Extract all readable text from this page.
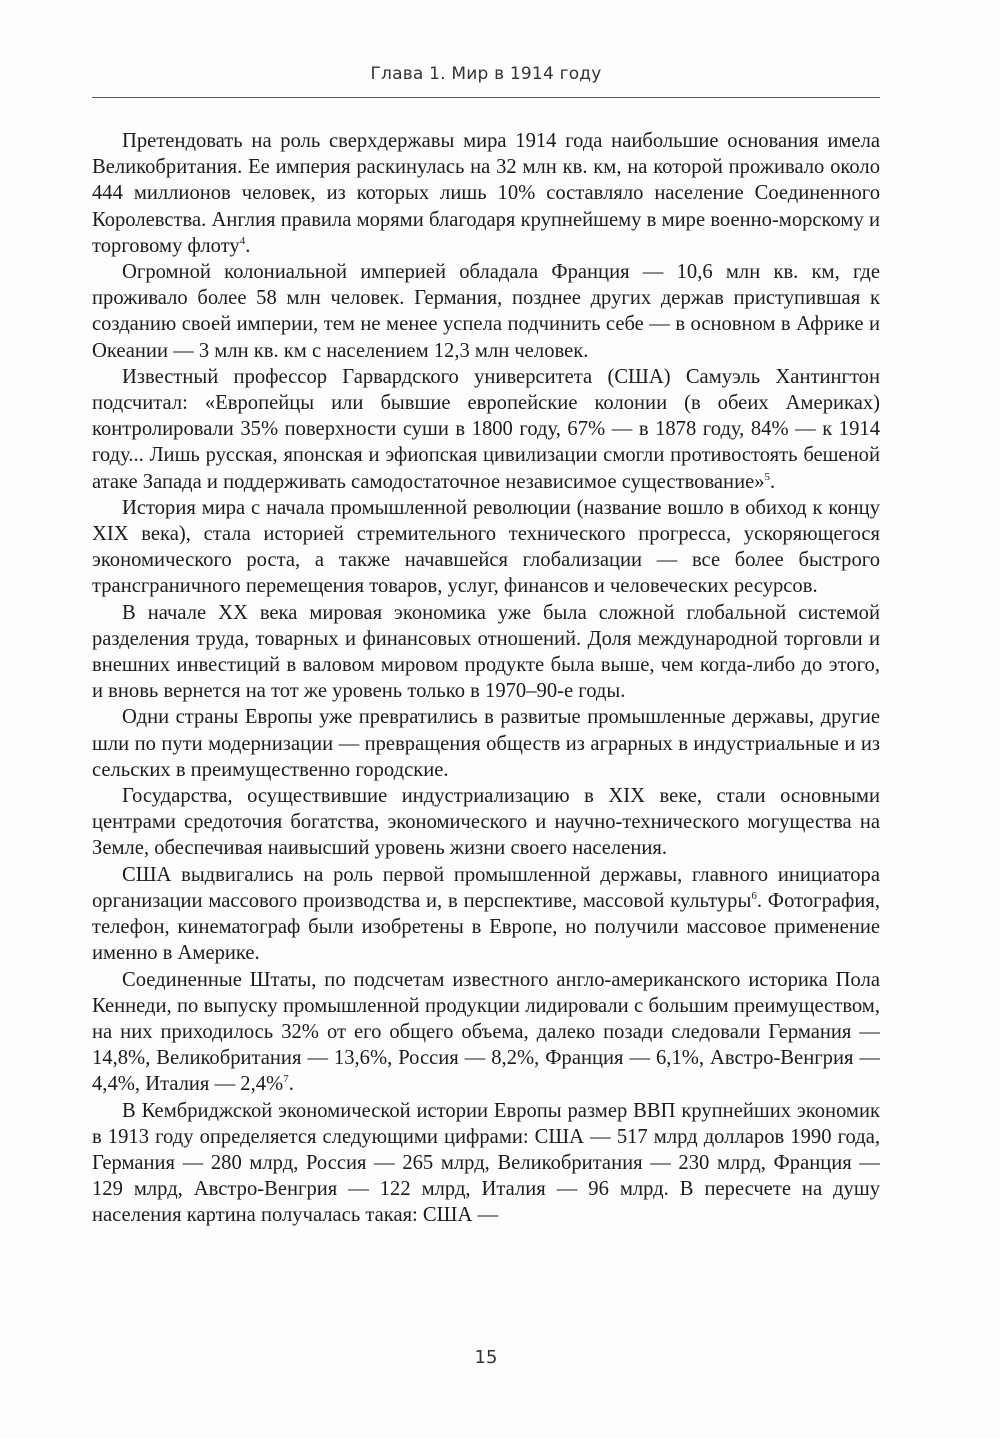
Глава 1. Мир в 1914 году

Претендовать на роль сверхдержавы мира 1914 года наибольшие основания имела Великобритания. Ее империя раскинулась на 32 млн кв. км, на которой проживало около 444 миллионов человек, из которых лишь 10% составляло население Соединенного Королевства. Англия правила морями благодаря крупнейшему в мире военно-морскому и торговому флоту$^4$.

Огромной колониальной империей обладала Франция — 10,6 млн кв. км, где проживало более 58 млн человек. Германия, позднее других держав приступившая к созданию своей империи, тем не менее успела подчинить себе — в основном в Африке и Океании — 3 млн кв. км с населением 12,3 млн человек.

Известный профессор Гарвардского университета (США) Самуэль Хантингтон подсчитал: «Европейцы или бывшие европейские колонии (в обеих Америках) контролировали 35% поверхности суши в 1800 году, 67% — в 1878 году, 84% — к 1914 году... Лишь русская, японская и эфиопская цивилизации смогли противостоять бешеной атаке Запада и поддерживать самодостаточное независимое существование»$^5$.

История мира с начала промышленной революции (название вошло в обиход к концу XIX века), стала историей стремительного технического прогресса, ускоряющегося экономического роста, а также начавшейся глобализации — все более быстрого трансграничного перемещения товаров, услуг, финансов и человеческих ресурсов.

В начале XX века мировая экономика уже была сложной глобальной системой разделения труда, товарных и финансовых отношений. Доля международной торговли и внешних инвестиций в валовом мировом продукте была выше, чем когда-либо до этого, и вновь вернется на тот же уровень только в 1970–90-е годы.

Одни страны Европы уже превратились в развитые промышленные державы, другие шли по пути модернизации — превращения обществ из аграрных в индустриальные и из сельских в преимущественно городские.

Государства, осуществившие индустриализацию в XIX веке, стали основными центрами средоточия богатства, экономического и научно-технического могущества на Земле, обеспечивая наивысший уровень жизни своего населения.

США выдвигались на роль первой промышленной державы, главного инициатора организации массового производства и, в перспективе, массовой культуры$^6$. Фотография, телефон, кинематограф были изобретены в Европе, но получили массовое применение именно в Америке.

Соединенные Штаты, по подсчетам известного англо-американского историка Пола Кеннеди, по выпуску промышленной продукции лидировали с большим преимуществом, на них приходилось 32% от его общего объема, далеко позади следовали Германия — 14,8%, Великобритания — 13,6%, Россия — 8,2%, Франция — 6,1%, Австро-Венгрия — 4,4%, Италия — 2,4%$^7$.

В Кембриджской экономической истории Европы размер ВВП крупнейших экономик в 1913 году определяется следующими цифрами: США — 517 млрд долларов 1990 года, Германия — 280 млрд, Россия — 265 млрд, Великобритания — 230 млрд, Франция — 129 млрд, Австро-Венгрия — 122 млрд, Италия — 96 млрд. В пересчете на душу населения картина получалась такая: США —

15
